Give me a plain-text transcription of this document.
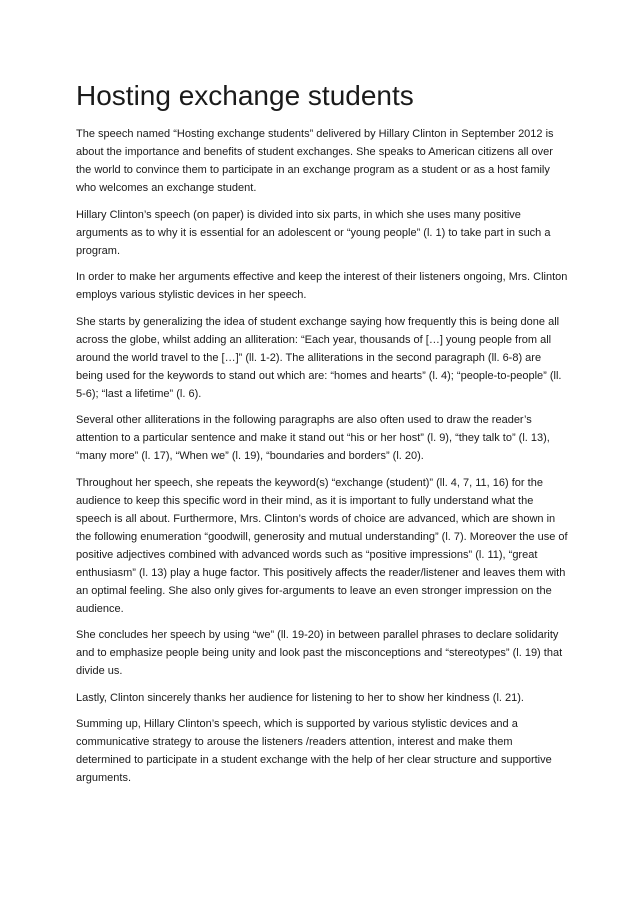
Hosting exchange students

The speech named “Hosting exchange students” delivered by Hillary Clinton in September 2012 is about the importance and benefits of student exchanges. She speaks to American citizens all over the world to convince them to participate in an exchange program as a student or as a host family who welcomes an exchange student.

Hillary Clinton’s speech (on paper) is divided into six parts, in which she uses many positive arguments as to why it is essential for an adolescent or “young people” (l. 1) to take part in such a program.

In order to make her arguments effective and keep the interest of their listeners ongoing, Mrs. Clinton employs various stylistic devices in her speech.

She starts by generalizing the idea of student exchange saying how frequently this is being done all across the globe, whilst adding an alliteration: “Each year, thousands of […] young people from all around the world travel to the […]” (ll. 1-2). The alliterations in the second paragraph (ll. 6-8) are being used for the keywords to stand out which are: “homes and hearts” (l. 4); “people-to-people” (ll. 5-6); “last a lifetime” (l. 6).

Several other alliterations in the following paragraphs are also often used to draw the reader’s attention to a particular sentence and make it stand out “his or her host” (l. 9), “they talk to” (l. 13), “many more” (l. 17), “When we” (l. 19), “boundaries and borders” (l. 20).

Throughout her speech, she repeats the keyword(s) “exchange (student)” (ll. 4, 7, 11, 16) for the audience to keep this specific word in their mind, as it is important to fully understand what the speech is all about. Furthermore, Mrs. Clinton’s words of choice are advanced, which are shown in the following enumeration “goodwill, generosity and mutual understanding” (l. 7). Moreover the use of positive adjectives combined with advanced words such as “positive impressions” (l. 11), “great enthusiasm” (l. 13) play a huge factor. This positively affects the reader/listener and leaves them with an optimal feeling. She also only gives for-arguments to leave an even stronger impression on the audience.

She concludes her speech by using “we” (ll. 19-20) in between parallel phrases to declare solidarity and to emphasize people being unity and look past the misconceptions and “stereotypes” (l. 19) that divide us.

Lastly, Clinton sincerely thanks her audience for listening to her to show her kindness (l. 21).

Summing up, Hillary Clinton’s speech, which is supported by various stylistic devices and a communicative strategy to arouse the listeners /readers attention, interest and make them determined to participate in a student exchange with the help of her clear structure and supportive arguments.
